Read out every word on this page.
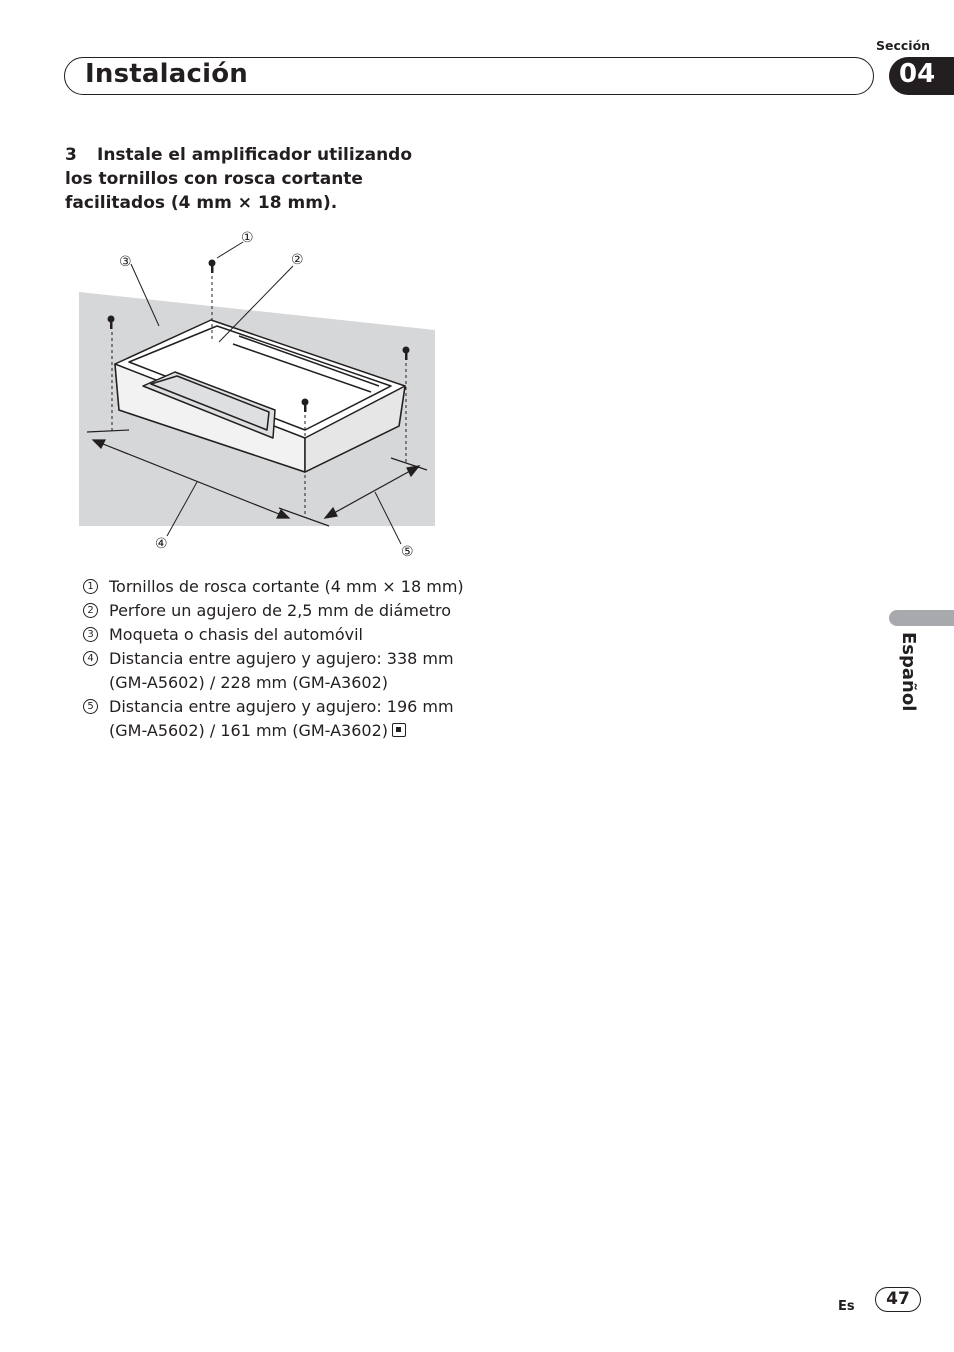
Sección
Instalación	04
3 Instale el amplificador utilizando los tornillos con rosca cortante facilitados (4 mm × 18 mm).
①
②
③
④	⑤
1 Tornillos de rosca cortante (4 mm × 18 mm)
2 Perfore un agujero de 2,5 mm de diámetro
3 Moqueta o chasis del automóvil
4 Distancia entre agujero y agujero: 338 mm (GM-A5602) / 228 mm (GM-A3602)
5 Distancia entre agujero y agujero: 196 mm (GM-A5602) / 161 mm (GM-A3602)
Español
Es	47
